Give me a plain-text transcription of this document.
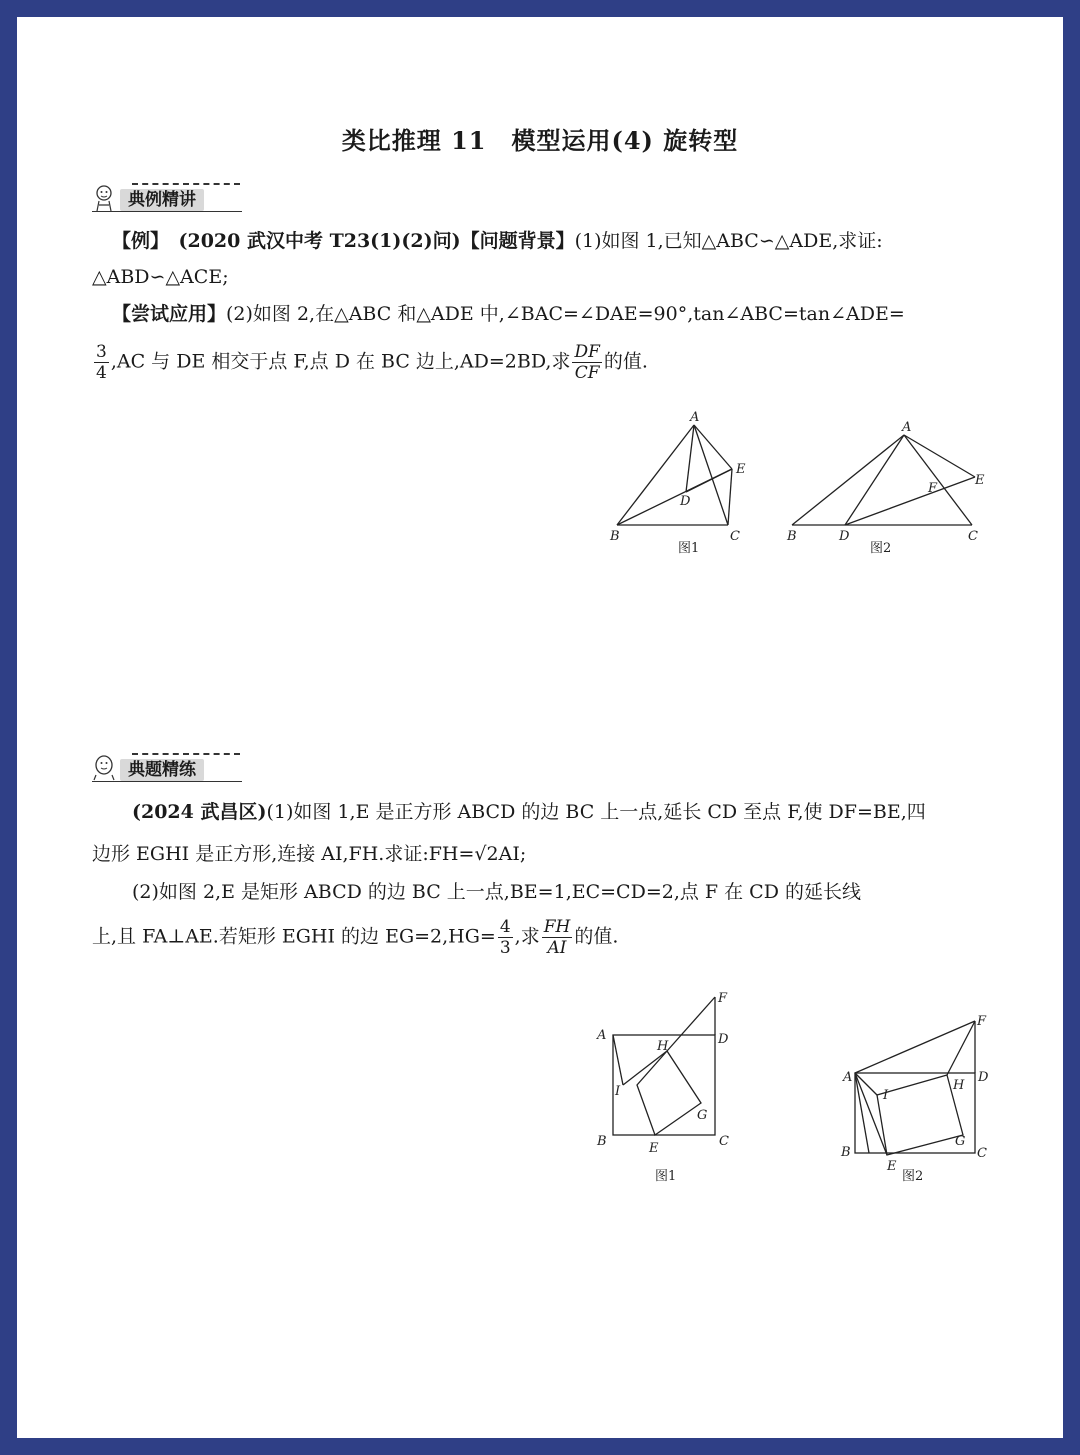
类比推理 11　模型运用(4) 旋转型
典例精讲
【例】　(2020 武汉中考 T23(1)(2)问)【问题背景】(1)如图 1,已知△ABC∽△ADE,求证:
△ABD∽△ACE;
【尝试应用】(2)如图 2,在△ABC 和△ADE 中,∠BAC=∠DAE=90°,tan∠ABC=tan∠ADE=
$\frac{3}{4} ,AC$ 与 DE 相交于点 F,点 D 在 BC 边上,AD=2BD,求 $\frac{DF}{CF}$ 的值.
A
B	C
D
E
图1
A
B	C
D
E
F
图2
典题精练
(2024 武昌区)(1)如图 1,E 是正方形 ABCD 的边 BC 上一点,延长 CD 至点 F,使 DF=BE,四
边形 EGHI 是正方形,连接 AI,FH.求证:FH=√2AI;
(2)如图 2,E 是矩形 ABCD 的边 BC 上一点,BE=1,EC=CD=2,点 F 在 CD 的延长线
上,且 FA⊥AE.若矩形 EGHI 的边 $EG=2,HG= \frac{4}{3}$ ,求 $\frac{FH}{AI}$ 的值.
A
B	C
D
E
F
G
H
I
图1
A
B	C
D
E
F
G
H
I
图2
